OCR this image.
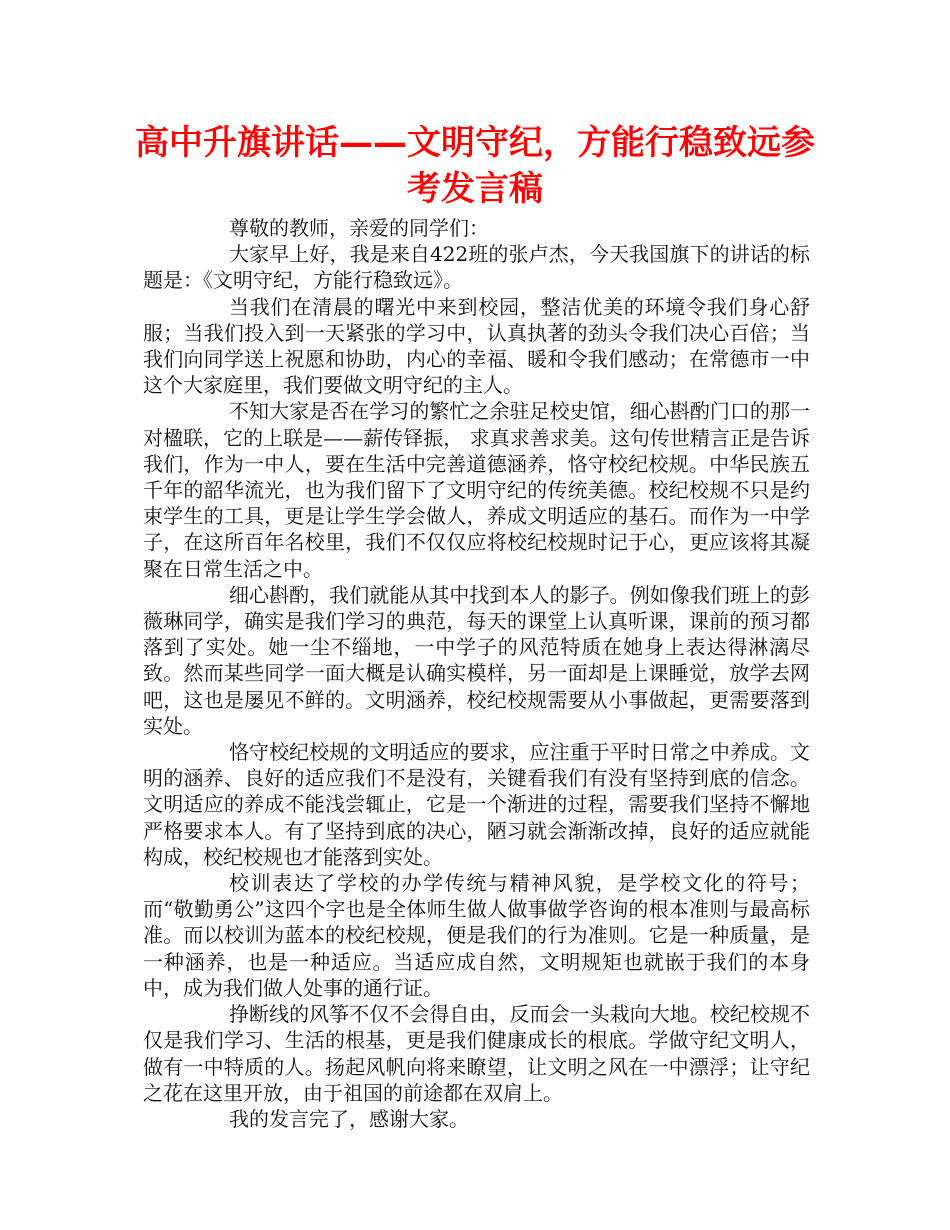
高中升旗讲话——文明守纪，方能行稳致远参考发言稿

尊敬的教师，亲爱的同学们：

大家早上好，我是来自422班的张卢杰，今天我国旗下的讲话的标题是：《文明守纪，方能行稳致远》。

当我们在清晨的曙光中来到校园，整洁优美的环境令我们身心舒服；当我们投入到一天紧张的学习中，认真执著的劲头令我们决心百倍；当我们向同学送上祝愿和协助，内心的幸福、暖和令我们感动；在常德市一中这个大家庭里，我们要做文明守纪的主人。

不知大家是否在学习的繁忙之余驻足校史馆，细心斟酌门口的那一对楹联，它的上联是——薪传铎振， 求真求善求美。这句传世精言正是告诉我们，作为一中人，要在生活中完善道德涵养，恪守校纪校规。中华民族五千年的韶华流光，也为我们留下了文明守纪的传统美德。校纪校规不只是约束学生的工具，更是让学生学会做人，养成文明适应的基石。而作为一中学子，在这所百年名校里，我们不仅仅应将校纪校规时记于心，更应该将其凝聚在日常生活之中。

细心斟酌，我们就能从其中找到本人的影子。例如像我们班上的彭薇琳同学，确实是我们学习的典范，每天的课堂上认真听课，课前的预习都落到了实处。她一尘不缁地，一中学子的风范特质在她身上表达得淋漓尽致。然而某些同学一面大概是认确实模样，另一面却是上课睡觉，放学去网吧，这也是屡见不鲜的。文明涵养，校纪校规需要从小事做起，更需要落到实处。

恪守校纪校规的文明适应的要求，应注重于平时日常之中养成。文明的涵养、良好的适应我们不是没有，关键看我们有没有坚持到底的信念。文明适应的养成不能浅尝辄止，它是一个渐进的过程，需要我们坚持不懈地严格要求本人。有了坚持到底的决心，陋习就会渐渐改掉，良好的适应就能构成，校纪校规也才能落到实处。

校训表达了学校的办学传统与精神风貌，是学校文化的符号；而“敬勤勇公”这四个字也是全体师生做人做事做学咨询的根本准则与最高标准。而以校训为蓝本的校纪校规，便是我们的行为准则。它是一种质量，是一种涵养，也是一种适应。当适应成自然，文明规矩也就嵌于我们的本身中，成为我们做人处事的通行证。

挣断线的风筝不仅不会得自由，反而会一头栽向大地。校纪校规不仅是我们学习、生活的根基，更是我们健康成长的根底。学做守纪文明人，做有一中特质的人。扬起风帆向将来瞭望，让文明之风在一中漂浮；让守纪之花在这里开放，由于祖国的前途都在双肩上。

我的发言完了，感谢大家。
